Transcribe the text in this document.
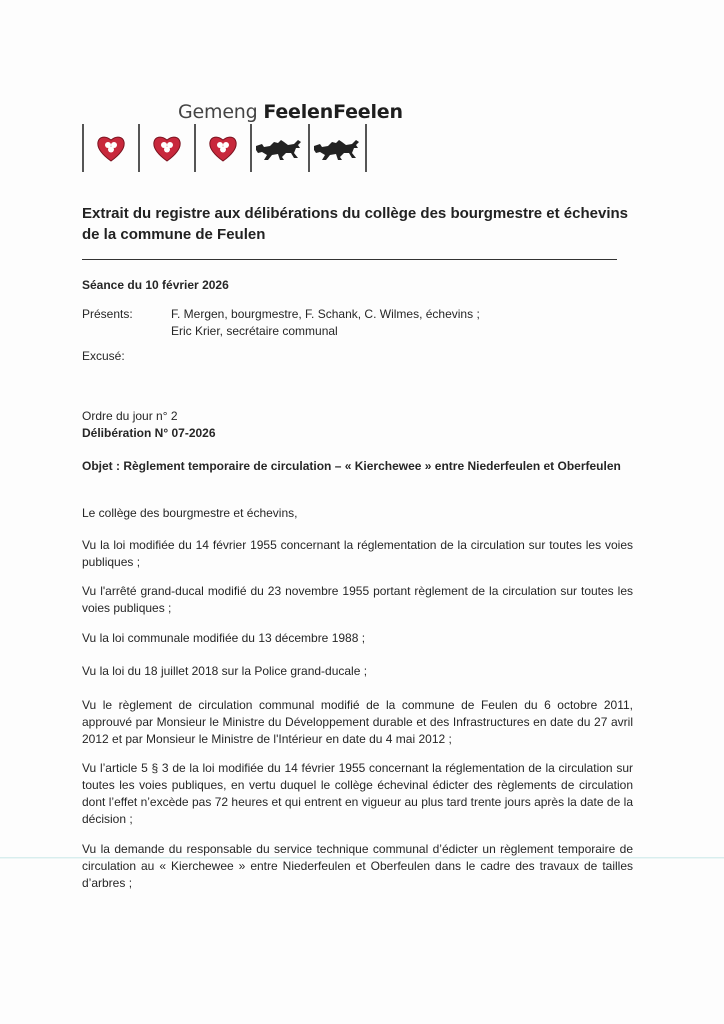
Gemeng FeelenFeelen
Extrait du registre aux délibérations du collège des bourgmestre et échevins de la commune de Feulen
Séance du 10 février 2026
Présents:	F. Mergen, bourgmestre, F. Schank, C. Wilmes, échevins ;
Eric Krier, secrétaire communal
Excusé:
Ordre du jour n° 2
Délibération N° 07-2026
Objet : Règlement temporaire de circulation – « Kierchewee » entre Niederfeulen et Oberfeulen
Le collège des bourgmestre et échevins,
Vu la loi modifiée du 14 février 1955 concernant la réglementation de la circulation sur toutes les voies publiques ;
Vu l'arrêté grand-ducal modifié du 23 novembre 1955 portant règlement de la circulation sur toutes les voies publiques ;
Vu la loi communale modifiée du 13 décembre 1988 ;
Vu la loi du 18 juillet 2018 sur la Police grand-ducale ;
Vu le règlement de circulation communal modifié de la commune de Feulen du 6 octobre 2011, approuvé par Monsieur le Ministre du Développement durable et des Infrastructures en date du 27 avril 2012 et par Monsieur le Ministre de l'Intérieur en date du 4 mai 2012 ;
Vu l’article 5 § 3 de la loi modifiée du 14 février 1955 concernant la réglementation de la circulation sur toutes les voies publiques, en vertu duquel le collège échevinal édicter des règlements de circulation dont l’effet n’excède pas 72 heures et qui entrent en vigueur au plus tard trente jours après la date de la décision ;
Vu la demande du responsable du service technique communal d’édicter un règlement temporaire de circulation au « Kierchewee » entre Niederfeulen et Oberfeulen dans le cadre des travaux de tailles d’arbres ;
